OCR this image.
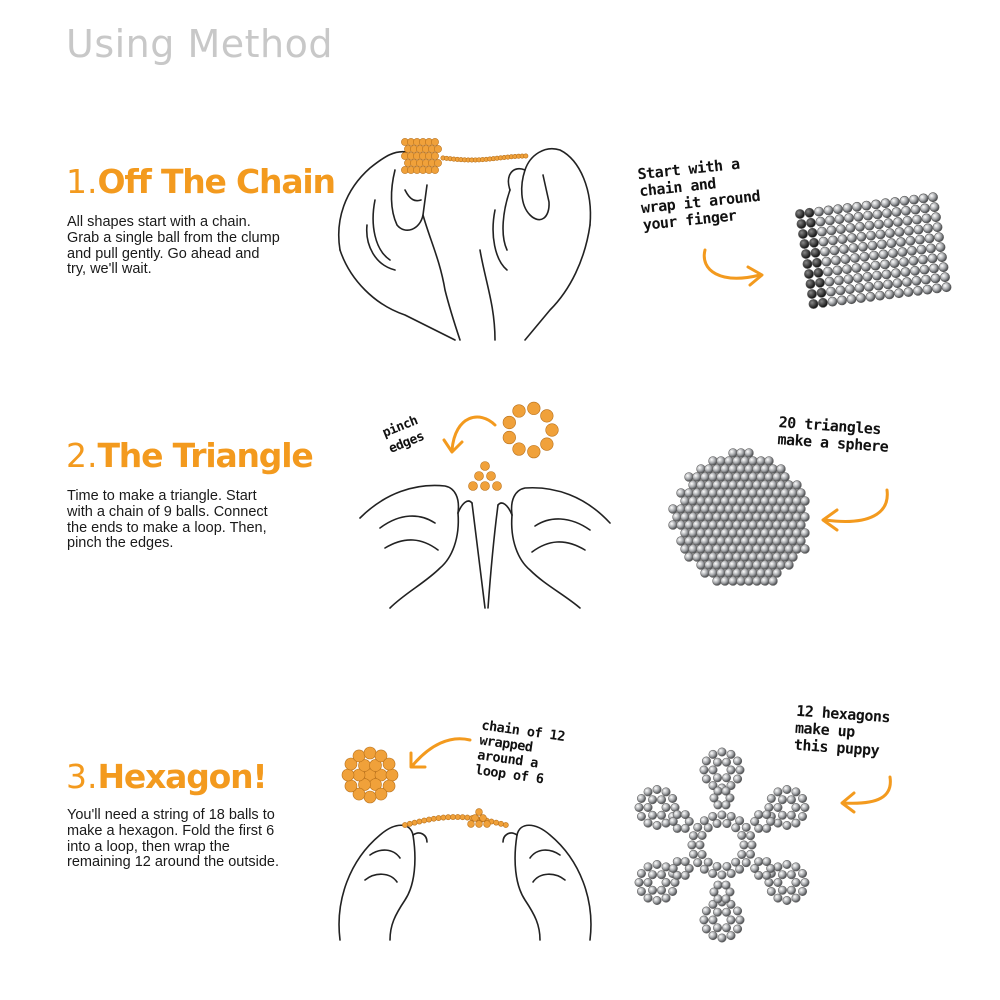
Using Method
1.Off The Chain
All shapes start with a chain. Grab a single ball from the clump and pull gently. Go ahead and try, we'll wait.
Start with a
chain and
wrap it around
your finger
2.The Triangle
Time to make a triangle. Start with a chain of 9 balls. Connect the ends to make a loop. Then, pinch the edges.
pinch
edges
20 triangles
make a sphere
3.Hexagon!
You'll need a string of 18 balls to make a hexagon. Fold the first 6 into a loop, then wrap the remaining 12 around the outside.
chain of 12
wrapped
around a
loop of 6
12 hexagons
make up
this puppy
